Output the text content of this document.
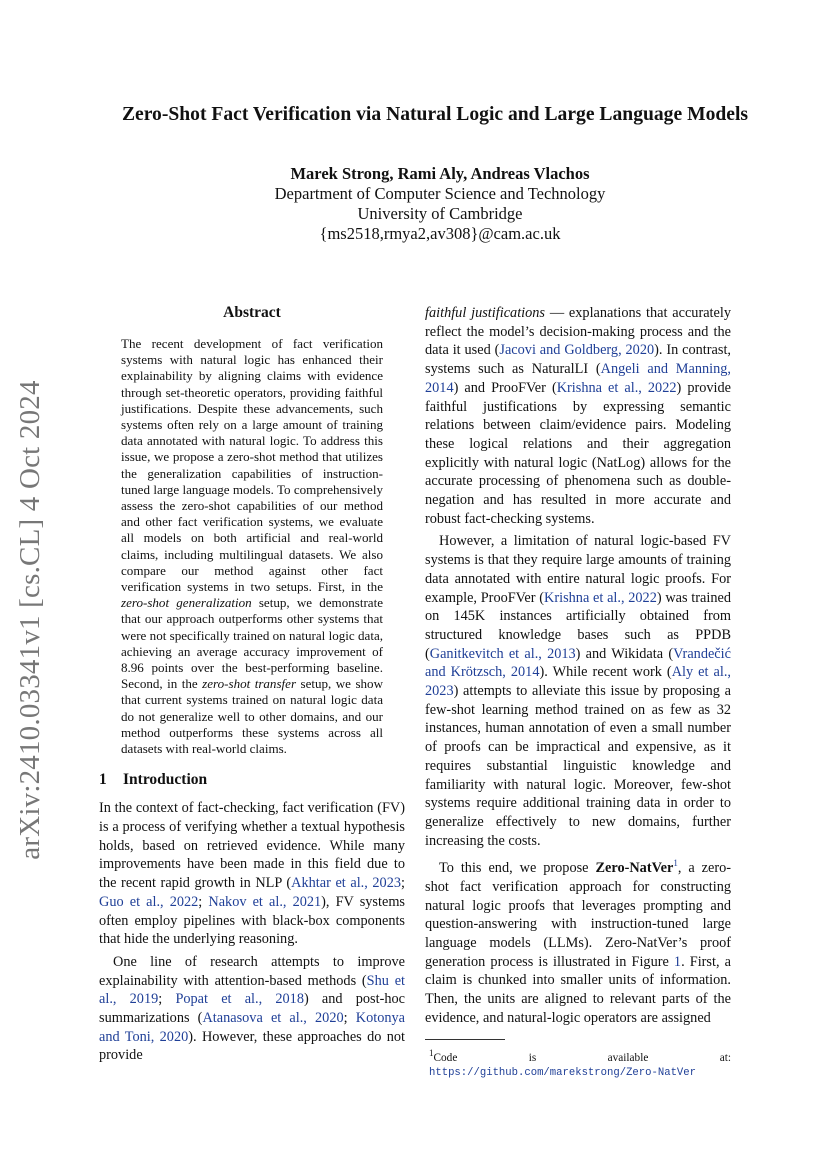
arXiv:2410.03341v1 [cs.CL] 4 Oct 2024
Zero-Shot Fact Verification via Natural Logic and Large Language Models
Marek Strong, Rami Aly, Andreas Vlachos
Department of Computer Science and Technology
University of Cambridge
{ms2518,rmya2,av308}@cam.ac.uk
Abstract

The recent development of fact verification systems with natural logic has enhanced their explainability by aligning claims with evidence through set-theoretic operators, providing faithful justifications. Despite these advancements, such systems often rely on a large amount of training data annotated with natural logic. To address this issue, we propose a zero-shot method that utilizes the generalization capabilities of instruction-tuned large language models. To comprehensively assess the zero-shot capabilities of our method and other fact verification systems, we evaluate all models on both artificial and real-world claims, including multilingual datasets. We also compare our method against other fact verification systems in two setups. First, in the zero-shot generalization setup, we demonstrate that our approach outperforms other systems that were not specifically trained on natural logic data, achieving an average accuracy improvement of 8.96 points over the best-performing baseline. Second, in the zero-shot transfer setup, we show that current systems trained on natural logic data do not generalize well to other domains, and our method outperforms these systems across all datasets with real-world claims.

1 Introduction

In the context of fact-checking, fact verification (FV) is a process of verifying whether a textual hypothesis holds, based on retrieved evidence. While many improvements have been made in this field due to the recent rapid growth in NLP (Akhtar et al., 2023; Guo et al., 2022; Nakov et al., 2021), FV systems often employ pipelines with black-box components that hide the underlying reasoning.

One line of research attempts to improve explainability with attention-based methods (Shu et al., 2019; Popat et al., 2018) and post-hoc summarizations (Atanasova et al., 2020; Kotonya and Toni, 2020). However, these approaches do not provide

faithful justifications — explanations that accurately reflect the model’s decision-making process and the data it used (Jacovi and Goldberg, 2020). In contrast, systems such as NaturalLI (Angeli and Manning, 2014) and ProoFVer (Krishna et al., 2022) provide faithful justifications by expressing semantic relations between claim/evidence pairs. Modeling these logical relations and their aggregation explicitly with natural logic (NatLog) allows for the accurate processing of phenomena such as double-negation and has resulted in more accurate and robust fact-checking systems.

However, a limitation of natural logic-based FV systems is that they require large amounts of training data annotated with entire natural logic proofs. For example, ProoFVer (Krishna et al., 2022) was trained on 145K instances artificially obtained from structured knowledge bases such as PPDB (Ganitkevitch et al., 2013) and Wikidata (Vrandečić and Krötzsch, 2014). While recent work (Aly et al., 2023) attempts to alleviate this issue by proposing a few-shot learning method trained on as few as 32 instances, human annotation of even a small number of proofs can be impractical and expensive, as it requires substantial linguistic knowledge and familiarity with natural logic. Moreover, few-shot systems require additional training data in order to generalize effectively to new domains, further increasing the costs.

To this end, we propose Zero-NatVer$^1$, a zero-shot fact verification approach for constructing natural logic proofs that leverages prompting and question-answering with instruction-tuned large language models (LLMs). Zero-NatVer’s proof generation process is illustrated in Figure 1. First, a claim is chunked into smaller units of information. Then, the units are aligned to relevant parts of the evidence, and natural-logic operators are assigned

$^1$Code is available at: https://github.com/marekstrong/Zero-NatVer
